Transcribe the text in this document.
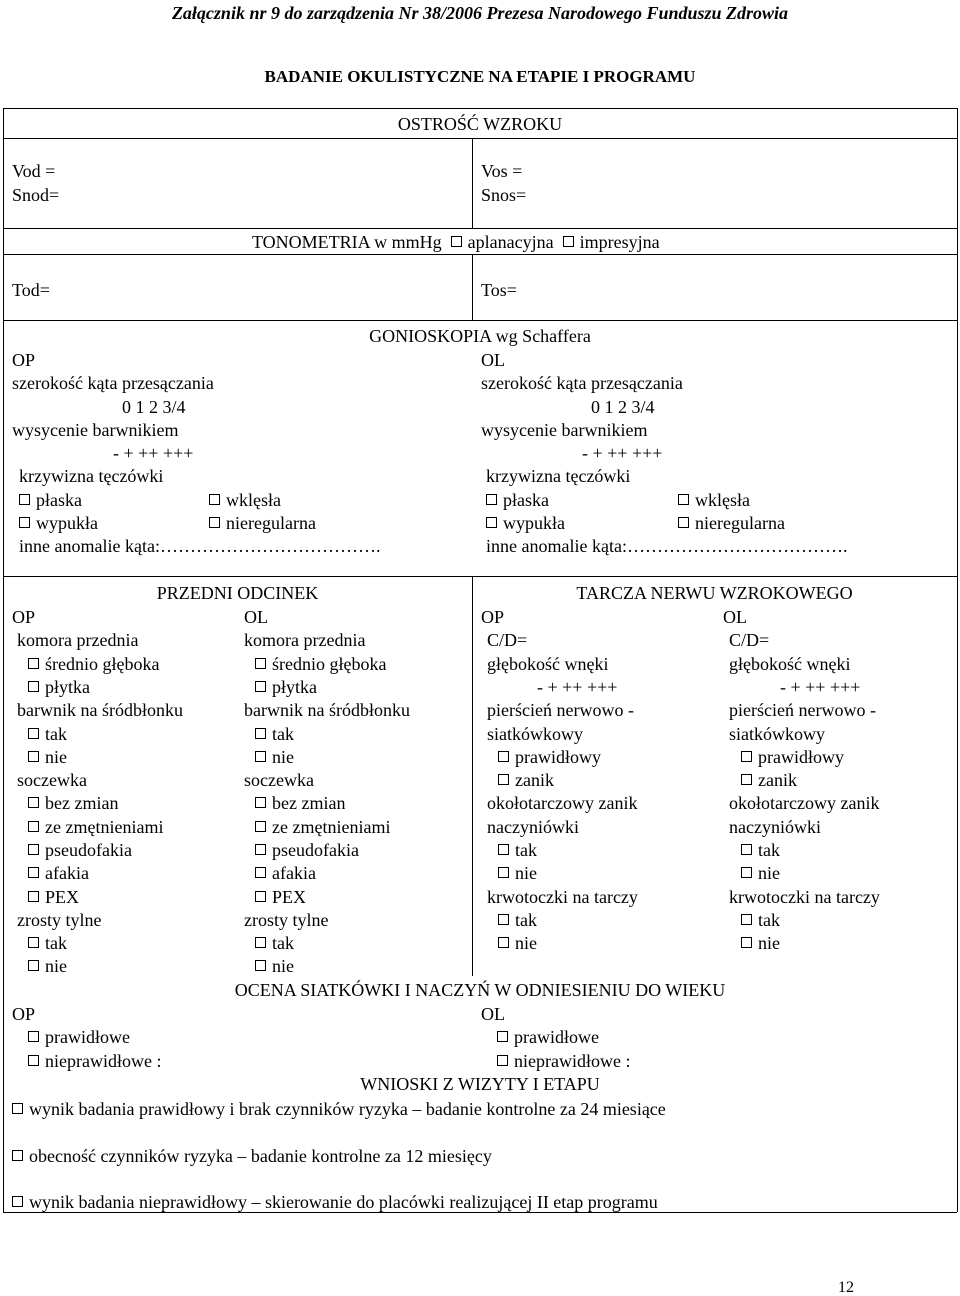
Załącznik nr 9 do zarządzenia Nr 38/2006 Prezesa Narodowego Funduszu Zdrowia
BADANIE OKULISTYCZNE NA ETAPIE I PROGRAMU
OSTROŚĆ WZROKU
Vod =
Snod=
Vos =
Snos=
TONOMETRIA w mmHg aplanacyjna impresyjna
Tod=	Tos=
GONIOSKOPIA wg Schaffera
OP
szerokość kąta przesączania
0 1 2 3/4
wysycenie barwnikiem
- + ++ +++
krzywizna tęczówki
płaska	wklęsła
wypukła	nieregularna
inne anomalie kąta:……………………………….
OL
szerokość kąta przesączania
0 1 2 3/4
wysycenie barwnikiem
- + ++ +++
krzywizna tęczówki
płaska	wklęsła
wypukła	nieregularna
inne anomalie kąta:……………………………….
PRZEDNI ODCINEK
OP
komora przednia
średnio głęboka
płytka
barwnik na śródbłonku
tak
nie
soczewka
bez zmian
ze zmętnieniami
pseudofakia
afakia
PEX
zrosty tylne
tak
nie
OL
komora przednia
średnio głęboka
płytka
barwnik na śródbłonku
tak
nie
soczewka
bez zmian
ze zmętnieniami
pseudofakia
afakia
PEX
zrosty tylne
tak
nie
TARCZA NERWU WZROKOWEGO
OP
C/D=
głębokość wnęki
- + ++ +++
pierścień nerwowo -
siatkówkowy
prawidłowy
zanik
okołotarczowy zanik
naczyniówki
tak
nie
krwotoczki na tarczy
tak
nie
OL
C/D=
głębokość wnęki
- + ++ +++
pierścień nerwowo -
siatkówkowy
prawidłowy
zanik
okołotarczowy zanik
naczyniówki
tak
nie
krwotoczki na tarczy
tak
nie
OCENA SIATKÓWKI I NACZYŃ W ODNIESIENIU DO WIEKU
OP
prawidłowe
nieprawidłowe :
OL
prawidłowe
nieprawidłowe :
WNIOSKI Z WIZYTY I ETAPU
wynik badania prawidłowy i brak czynników ryzyka – badanie kontrolne za 24 miesiące
obecność czynników ryzyka – badanie kontrolne za 12 miesięcy
wynik badania nieprawidłowy – skierowanie do placówki realizującej II etap programu
12
